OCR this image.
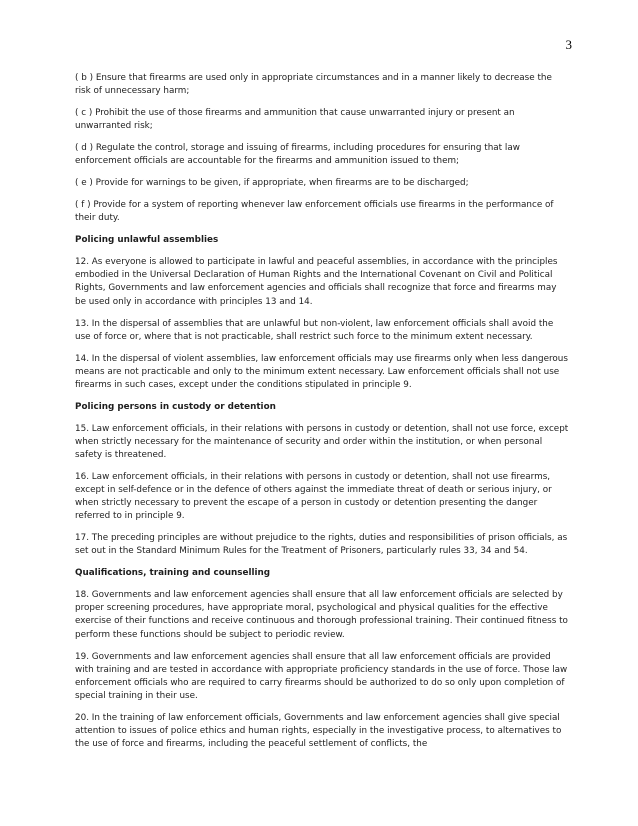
3

( b ) Ensure that firearms are used only in appropriate circumstances and in a manner likely to decrease the risk of unnecessary harm;

( c ) Prohibit the use of those firearms and ammunition that cause unwarranted injury or present an unwarranted risk;

( d ) Regulate the control, storage and issuing of firearms, including procedures for ensuring that law enforcement officials are accountable for the firearms and ammunition issued to them;

( e ) Provide for warnings to be given, if appropriate, when firearms are to be discharged;

( f ) Provide for a system of reporting whenever law enforcement officials use firearms in the performance of their duty.

Policing unlawful assemblies

12. As everyone is allowed to participate in lawful and peaceful assemblies, in accordance with the principles embodied in the Universal Declaration of Human Rights and the International Covenant on Civil and Political Rights, Governments and law enforcement agencies and officials shall recognize that force and firearms may be used only in accordance with principles 13 and 14.

13. In the dispersal of assemblies that are unlawful but non-violent, law enforcement officials shall avoid the use of force or, where that is not practicable, shall restrict such force to the minimum extent necessary.

14. In the dispersal of violent assemblies, law enforcement officials may use firearms only when less dangerous means are not practicable and only to the minimum extent necessary. Law enforcement officials shall not use firearms in such cases, except under the conditions stipulated in principle 9.

Policing persons in custody or detention

15. Law enforcement officials, in their relations with persons in custody or detention, shall not use force, except when strictly necessary for the maintenance of security and order within the institution, or when personal safety is threatened.

16. Law enforcement officials, in their relations with persons in custody or detention, shall not use firearms, except in self-defence or in the defence of others against the immediate threat of death or serious injury, or when strictly necessary to prevent the escape of a person in custody or detention presenting the danger referred to in principle 9.

17. The preceding principles are without prejudice to the rights, duties and responsibilities of prison officials, as set out in the Standard Minimum Rules for the Treatment of Prisoners, particularly rules 33, 34 and 54.

Qualifications, training and counselling

18. Governments and law enforcement agencies shall ensure that all law enforcement officials are selected by proper screening procedures, have appropriate moral, psychological and physical qualities for the effective exercise of their functions and receive continuous and thorough professional training. Their continued fitness to perform these functions should be subject to periodic review.

19. Governments and law enforcement agencies shall ensure that all law enforcement officials are provided with training and are tested in accordance with appropriate proficiency standards in the use of force. Those law enforcement officials who are required to carry firearms should be authorized to do so only upon completion of special training in their use.

20. In the training of law enforcement officials, Governments and law enforcement agencies shall give special attention to issues of police ethics and human rights, especially in the investigative process, to alternatives to the use of force and firearms, including the peaceful settlement of conflicts, the
